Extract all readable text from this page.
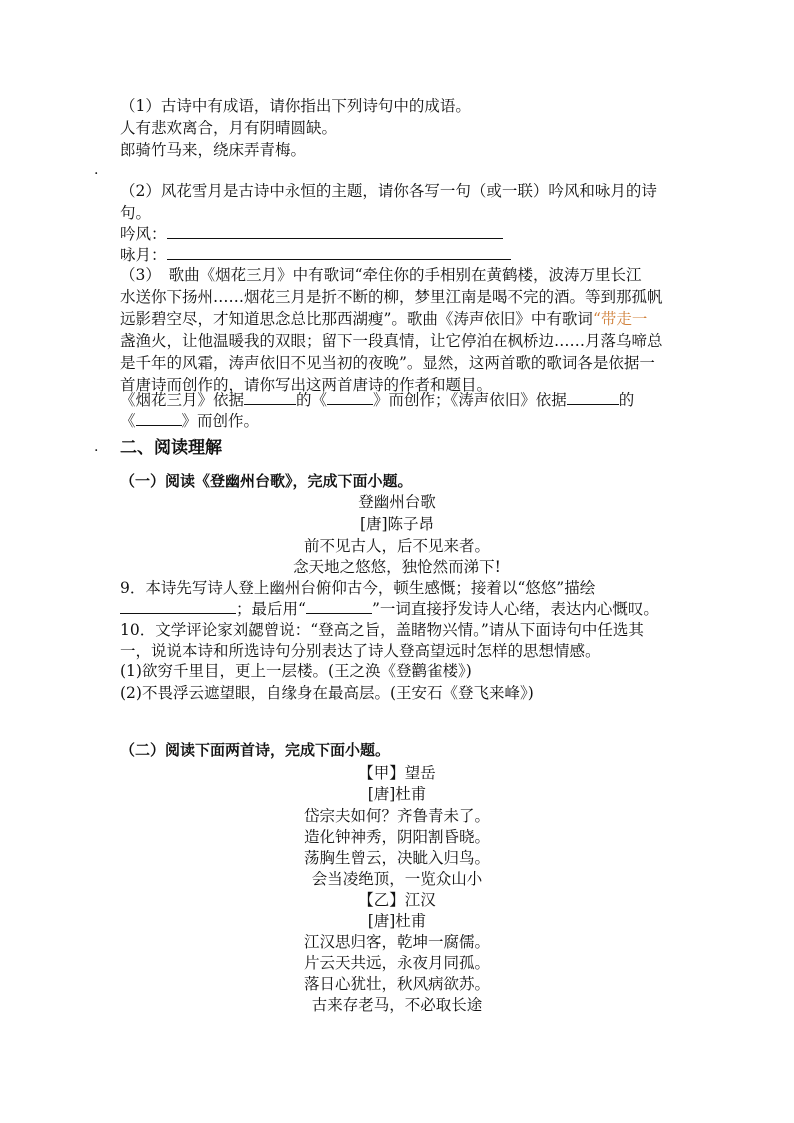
（1）古诗中有成语，请你指出下列诗句中的成语。
人有悲欢离合，月有阴晴圆缺。
郎骑竹马来，绕床弄青梅。
.
（2）风花雪月是古诗中永恒的主题，请你各写一句（或一联）吟风和咏月的诗
句。
吟风：
咏月：
（3）　歌曲《烟花三月》中有歌词“牵住你的手相别在黄鹤楼，波涛万里长江
水送你下扬州……烟花三月是折不断的柳，梦里江南是喝不完的酒。等到那孤帆
远影碧空尽，才知道思念总比那西湖瘦”。歌曲《涛声依旧》中有歌词“带走一
盏渔火，让他温暖我的双眼；留下一段真情，让它停泊在枫桥边……月落乌啼总
是千年的风霜，涛声依旧不见当初的夜晚”。显然，这两首歌的歌词各是依据一
首唐诗而创作的，请你写出这两首唐诗的作者和题目。
《烟花三月》依据	的《	》而创作；《涛声依旧》依据	的
《	》而创作。
. 二、阅读理解
（一）阅读《登幽州台歌》，完成下面小题。
登幽州台歌
[唐]陈子昂
前不见古人，后不见来者。
念天地之悠悠，独怆然而涕下!
9．本诗先写诗人登上幽州台俯仰古今，顿生感慨；接着以“悠悠”描绘
；最后用“	”一词直接抒发诗人心绪，表达内心慨叹。
10．文学评论家刘勰曾说：“登高之旨，盖睹物兴情。”请从下面诗句中任选其
一，说说本诗和所选诗句分别表达了诗人登高望远时怎样的思想情感。
(1)欲穷千里目，更上一层楼。(王之涣《登鹳雀楼》)
(2)不畏浮云遮望眼，自缘身在最高层。(王安石《登飞来峰》)
（二）阅读下面两首诗，完成下面小题。
【甲】望岳
[唐]杜甫
岱宗夫如何？齐鲁青未了。
造化钟神秀，阴阳割昏晓。
荡胸生曾云，决眦入归鸟。
会当凌绝顶，一览众山小
【乙】江汉
[唐]杜甫
江汉思归客，乾坤一腐儒。
片云天共远，永夜月同孤。
落日心犹壮，秋风病欲苏。
古来存老马，不必取长途
